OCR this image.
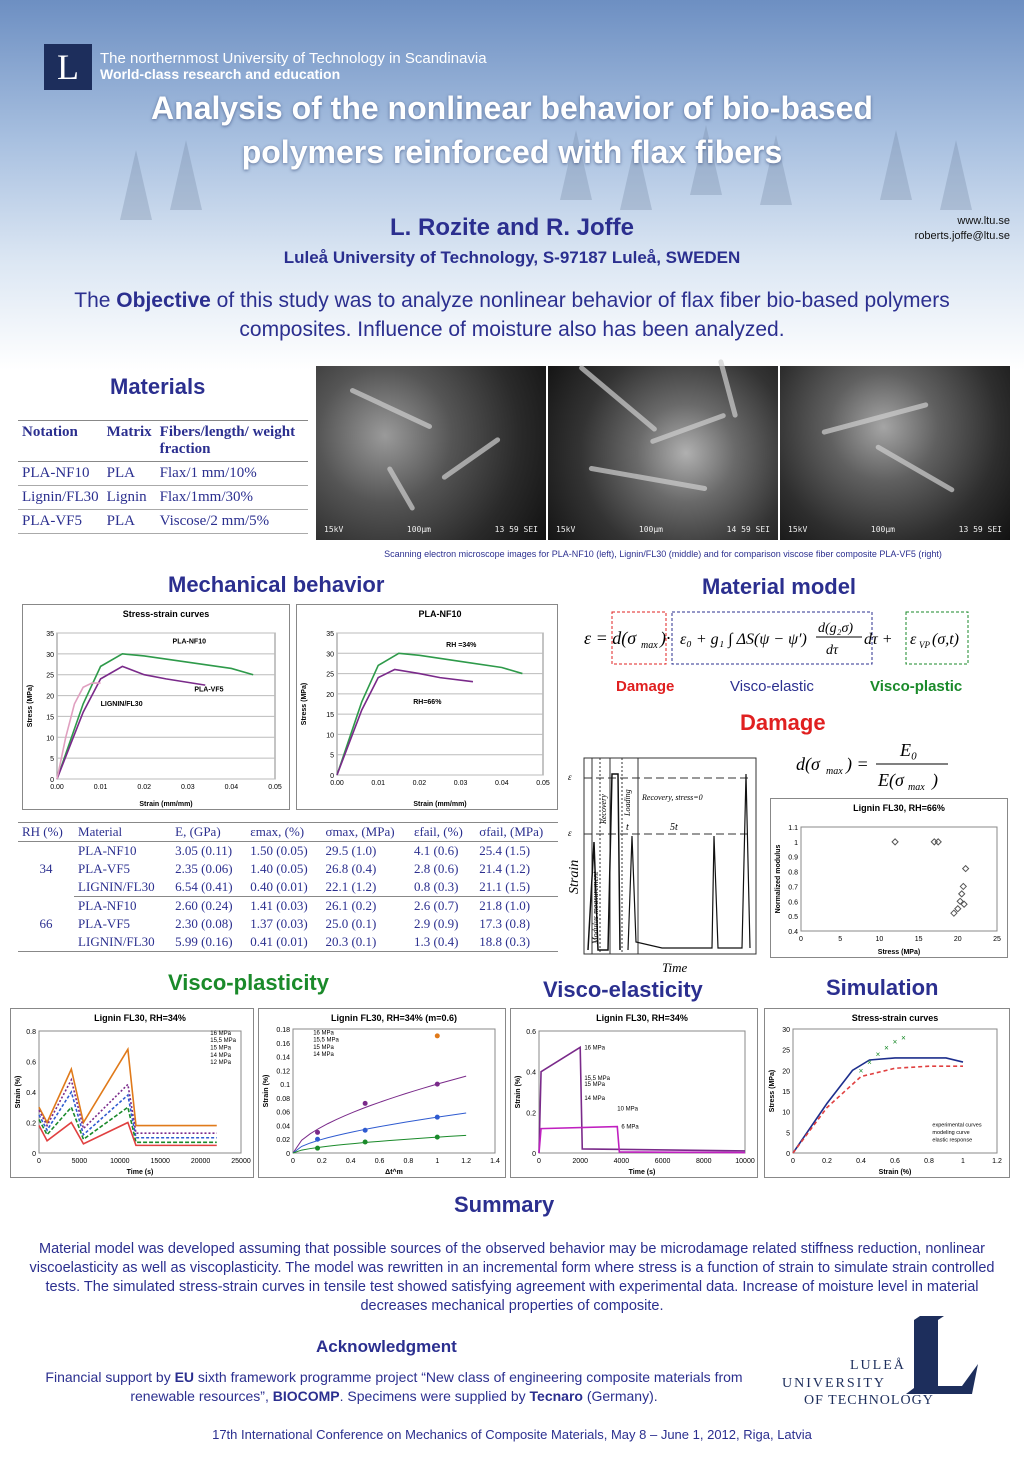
L	The northernmost University of Technology in Scandinavia
World-class research and education
Analysis of the nonlinear behavior of bio-based
polymers reinforced with flax fibers
L. Rozite and R. Joffe
Luleå University of Technology, S-97187 Luleå, SWEDEN
www.ltu.se
roberts.joffe@ltu.se
The Objective of this study was to analyze nonlinear behavior of flax fiber bio-based polymers composites. Influence of moisture also has been analyzed.
Materials
Notation	Matrix	Fibers/length/ weight fraction
PLA-NF10	PLA	Flax/1 mm/10%
Lignin/FL30	Lignin	Flax/1mm/30%
PLA-VF5	PLA	Viscose/2 mm/5%
15kV	100μm	13 59 SEI 15kV	100μm	14 59 SEI 15kV	100μm	13 59 SEI
Scanning electron microscope images for PLA-NF10 (left), Lignin/FL30 (middle) and for comparison viscose fiber composite PLA-VF5 (right)
Mechanical behavior
Stress-strain curves
0
5
10
15
20
25
30
35
0.00	0.01	0.02	0.03	0.04	0.05
Strain (mm/mm)
Stress (MPa)
PLA-NF10
PLA-VF5
LIGNIN/FL30
PLA-NF10
0
5
10
15
20
25
30
35
0.00	0.01	0.02	0.03	0.04	0.05
Strain (mm/mm)
Stress (MPa)
RH =34%
RH=66%
RH (%)	Material	E, (GPa)	εmax, (%)	σmax, (MPa)	εfail, (%)	σfail, (MPa)
34	PLA-NF10	3.05 (0.11)	1.50 (0.05)	29.5 (1.0)	4.1 (0.6)	25.4 (1.5)
	PLA-VF5	2.35 (0.06)	1.40 (0.05)	26.8 (0.4)	2.8 (0.6)	21.4 (1.2)
	LIGNIN/FL30	6.54 (0.41)	0.40 (0.01)	22.1 (1.2)	0.8 (0.3)	21.1 (1.5)
66	PLA-NF10	2.60 (0.24)	1.41 (0.03)	26.1 (0.2)	2.6 (0.7)	21.8 (1.0)
	PLA-VF5	2.30 (0.08)	1.37 (0.03)	25.0 (0.1)	2.9 (0.9)	17.3 (0.8)
	LIGNIN/FL30	5.99 (0.16)	0.41 (0.01)	20.3 (0.1)	1.3 (0.4)	18.8 (0.3)
Material model
ε = d(σ max )· ε₀ + g₁ ∫ ΔS(ψ − ψ′)
d(g₂σ)
dτ
dτ + ε VP (σ,t)
Damage	Visco-elastic	Visco-plastic
Damage
d(σ max ) =
E₀
E(σ max )
ε
ε
Recovery Loading Recovery, stress=0
Modulus measurement
t	5t
Strain
Time
Lignin FL30, RH=66%
0.4
0.5
0.6
0.7
0.8
0.9
1
1.1
0	5	10	15	20	25
Stress (MPa)
Normalized modulus
Visco-plasticity	Visco-elasticity	Simulation
Lignin FL30, RH=34%
0
0.2
0.4
0.6
0.8
0	5000	10000	15000	20000	25000
Time (s)
Strain (%)
16 MPa
15,5 MPa
15 MPa
14 MPa
12 MPa
Lignin FL30, RH=34% (m=0.6)
0
0.02
0.04
0.06
0.08
0.1
0.12
0.14
0.16
0.18
0	0.2	0.4	0.6	0.8	1	1.2	1.4
Δt^m
Strain (%)
16 MPa
15,5 MPa
15 MPa
14 MPa
Lignin FL30, RH=34%
0
0.2
0.4
0.6
0	2000	4000	6000	8000	10000
Time (s)
Strain (%)
16 MPa
15,5 MPa
15 MPa
14 MPa
10 MPa
6 MPa
Stress-strain curves
0
5
10
15
20
25
30
0	0.2	0.4	0.6	0.8	1	1.2
Strain (%)
Stress (MPa)	×
×
×
×
× ×
experimental curves
modeling curve
elastic response
Summary
Material model was developed assuming that possible sources of the observed behavior may be microdamage related stiffness reduction, nonlinear viscoelasticity as well as viscoplasticity. The model was rewritten in an incremental form where stress is a function of strain to simulate strain controlled tests. The simulated stress-strain curves in tensile test showed satisfying agreement with experimental data. Increase of moisture level in material decreases mechanical properties of composite.
Acknowledgment
Financial support by EU sixth framework programme project “New class of engineering composite materials from renewable resources”, BIOCOMP. Specimens were supplied by Tecnaro (Germany).
LULEÅ
UNIVERSITY
OF TECHNOLOGY
17th International Conference on Mechanics of Composite Materials, May 8 – June 1, 2012, Riga, Latvia
